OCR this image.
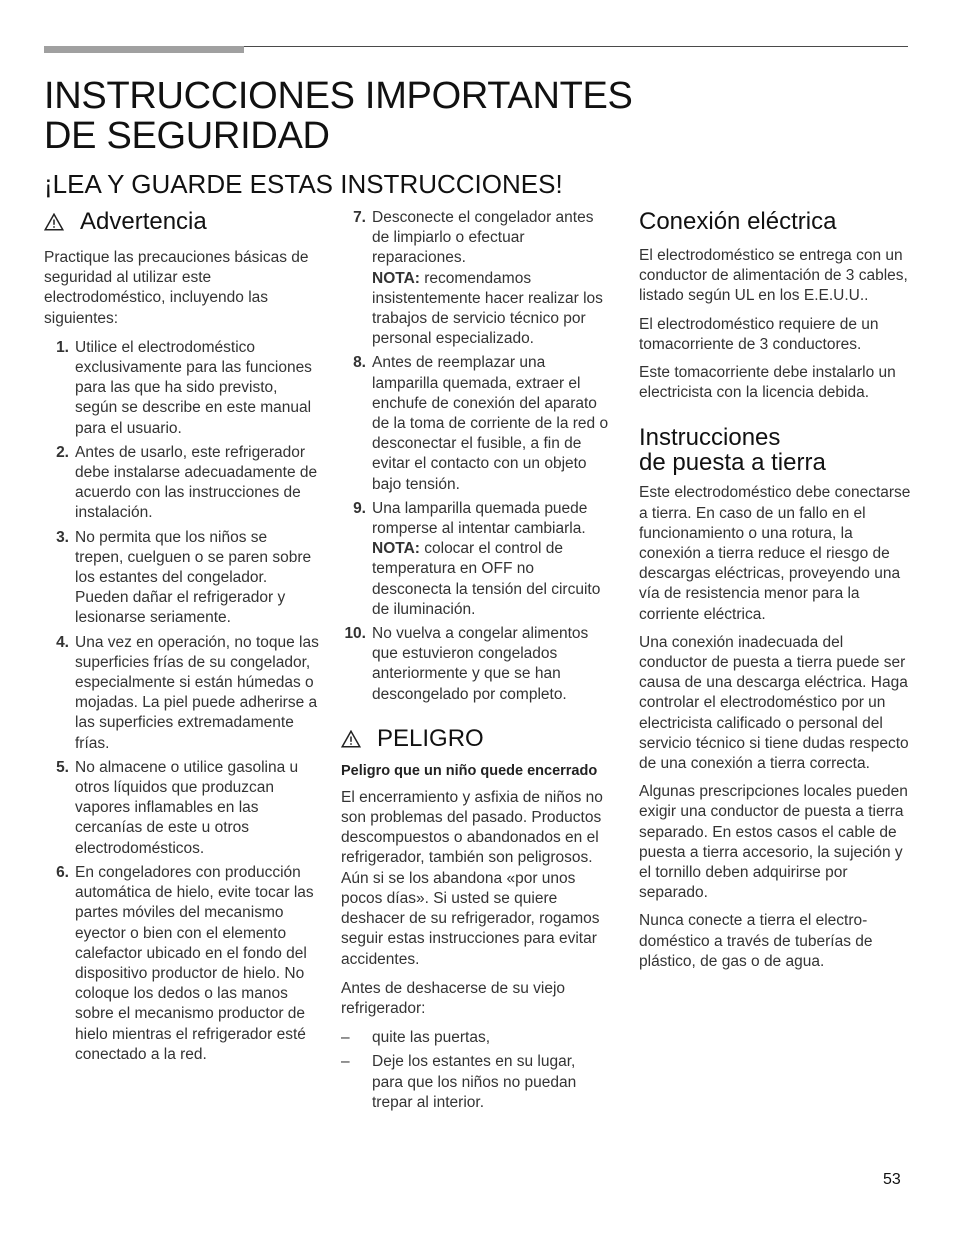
INSTRUCCIONES IMPORTANTES
DE SEGURIDAD
¡LEA Y GUARDE ESTAS INSTRUCCIONES!
Advertencia

Practique las precauciones básicas de seguridad al utilizar este electrodoméstico, incluyendo las siguientes:

1. Utilice el electrodoméstico exclusivamente para las funciones para las que ha sido previsto, según se describe en este manual para el usuario.
2. Antes de usarlo, este refrigerador debe instalarse adecuadamente de acuerdo con las instrucciones de instalación.
3. No permita que los niños se trepen, cuelguen o se paren sobre los estantes del congelador. Pueden dañar el refrigerador y lesionarse seriamente.
4. Una vez en operación, no toque las superficies frías de su congelador, especialmente si están húmedas o mojadas. La piel puede adherirse a las superficies extremadamente frías.
5. No almacene o utilice gasolina u otros líquidos que produzcan vapores inflamables en las cercanías de este u otros electrodomésticos.
6. En congeladores con producción automática de hielo, evite tocar las partes móviles del mecanismo eyector o bien con el elemento calefactor ubicado en el fondo del dispositivo productor de hielo. No coloque los dedos o las manos sobre el mecanismo productor de hielo mientras el refrigerador esté conectado a la red.
7. Desconecte el congelador antes de limpiarlo o efectuar reparaciones.
NOTA: recomendamos insistentemente hacer realizar los trabajos de servicio técnico por personal especializado.
8. Antes de reemplazar una lamparilla quemada, extraer el enchufe de conexión del aparato de la toma de corriente de la red o desconectar el fusible, a fin de evitar el contacto con un objeto bajo tensión.
9. Una lamparilla quemada puede romperse al intentar cambiarla.
NOTA: colocar el control de temperatura en OFF no desconecta la tensión del circuito de iluminación.
10. No vuelva a congelar alimentos que estuvieron congelados anteriormente y que se han descongelado por completo.
PELIGRO

Peligro que un niño quede encerrado

El encerramiento y asfixia de niños no son problemas del pasado. Productos descompuestos o abandonados en el refrigerador, también son peligrosos. Aún si se los abandona «por unos pocos días». Si usted se quiere deshacer de su refrigerador, rogamos seguir estas instrucciones para evitar accidentes.

Antes de deshacerse de su viejo refrigerador:

– quite las puertas,
– Deje los estantes en su lugar, para que los niños no puedan trepar al interior.
Conexión eléctrica

El electrodoméstico se entrega con un conductor de alimentación de 3 cables, listado según UL en los E.E.U.U..

El electrodoméstico requiere de un tomacorriente de 3 conductores.

Este tomacorriente debe instalarlo un electricista con la licencia debida.

Instrucciones
de puesta a tierra

Este electrodoméstico debe conectarse a tierra. En caso de un fallo en el funcionamiento o una rotura, la conexión a tierra reduce el riesgo de descargas eléctricas, proveyendo una vía de resistencia menor para la corriente eléctrica.

Una conexión inadecuada del conductor de puesta a tierra puede ser causa de una descarga eléctrica. Haga controlar el electrodoméstico por un electricista calificado o personal del servicio técnico si tiene dudas respecto de una conexión a tierra correcta.

Algunas prescripciones locales pueden exigir una conductor de puesta a tierra separado. En estos casos el cable de puesta a tierra accesorio, la sujeción y el tornillo deben adquirirse por separado.

Nunca conecte a tierra el electro- doméstico a través de tuberías de plástico, de gas o de agua.

53
